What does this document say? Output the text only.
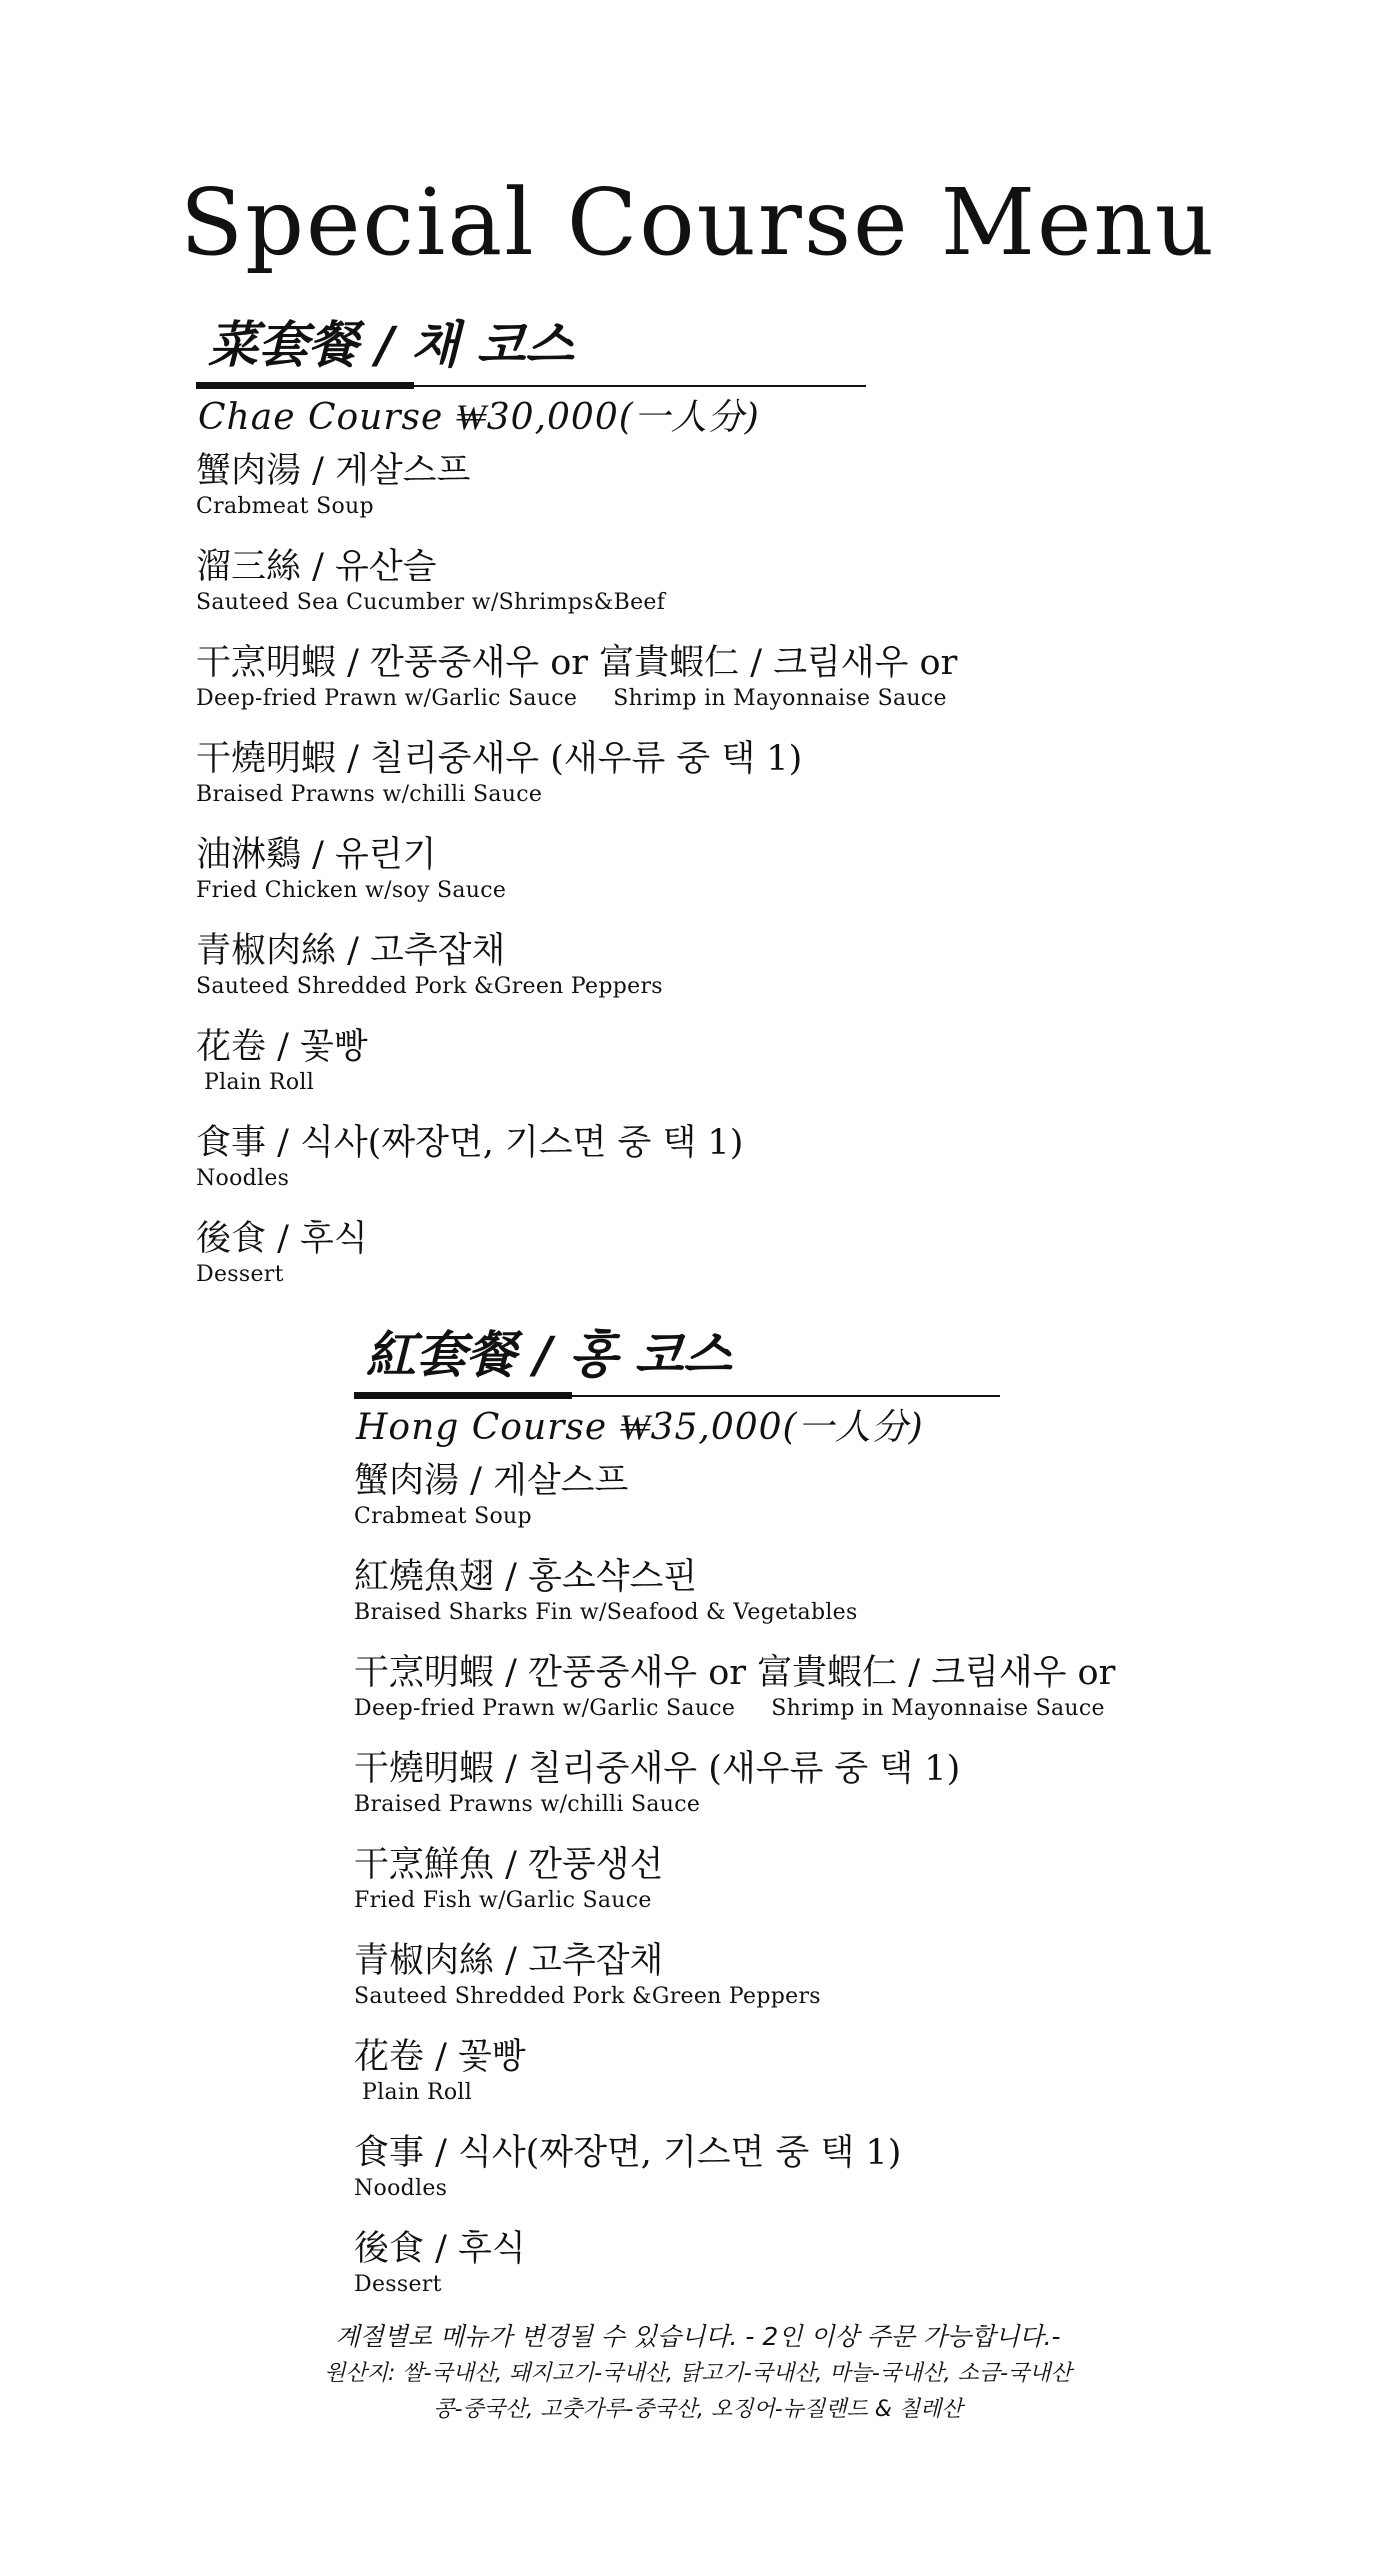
Special Course Menu
菜套餐 / 채 코스
Chae Course ₩30,000(一人分)
蟹肉湯 / 게살스프
Crabmeat Soup
溜三絲 / 유산슬
Sauteed Sea Cucumber w/Shrimps&Beef
干烹明蝦 / 깐풍중새우 or 富貴蝦仁 / 크림새우 or
Deep-fried Prawn w/Garlic Sauce Shrimp in Mayonnaise Sauce
干燒明蝦 / 칠리중새우 (새우류 중 택 1)
Braised Prawns w/chilli Sauce
油淋鷄 / 유린기
Fried Chicken w/soy Sauce
青椒肉絲 / 고추잡채
Sauteed Shredded Pork &Green Peppers
花卷 / 꽃빵
Plain Roll
食事 / 식사(짜장면, 기스면 중 택 1)
Noodles
後食 / 후식
Dessert
紅套餐 / 홍 코스
Hong Course ₩35,000(一人分)
蟹肉湯 / 게살스프
Crabmeat Soup
紅燒魚翅 / 홍소샥스핀
Braised Sharks Fin w/Seafood & Vegetables
干烹明蝦 / 깐풍중새우 or 富貴蝦仁 / 크림새우 or
Deep-fried Prawn w/Garlic Sauce Shrimp in Mayonnaise Sauce
干燒明蝦 / 칠리중새우 (새우류 중 택 1)
Braised Prawns w/chilli Sauce
干烹鮮魚 / 깐풍생선
Fried Fish w/Garlic Sauce
青椒肉絲 / 고추잡채
Sauteed Shredded Pork &Green Peppers
花卷 / 꽃빵
Plain Roll
食事 / 식사(짜장면, 기스면 중 택 1)
Noodles
後食 / 후식
Dessert
계절별로 메뉴가 변경될 수 있습니다. - 2인 이상 주문 가능합니다.-
원산지: 쌀-국내산, 돼지고기-국내산, 닭고기-국내산, 마늘-국내산, 소금-국내산
콩-중국산, 고춧가루-중국산, 오징어-뉴질랜드 & 칠레산
